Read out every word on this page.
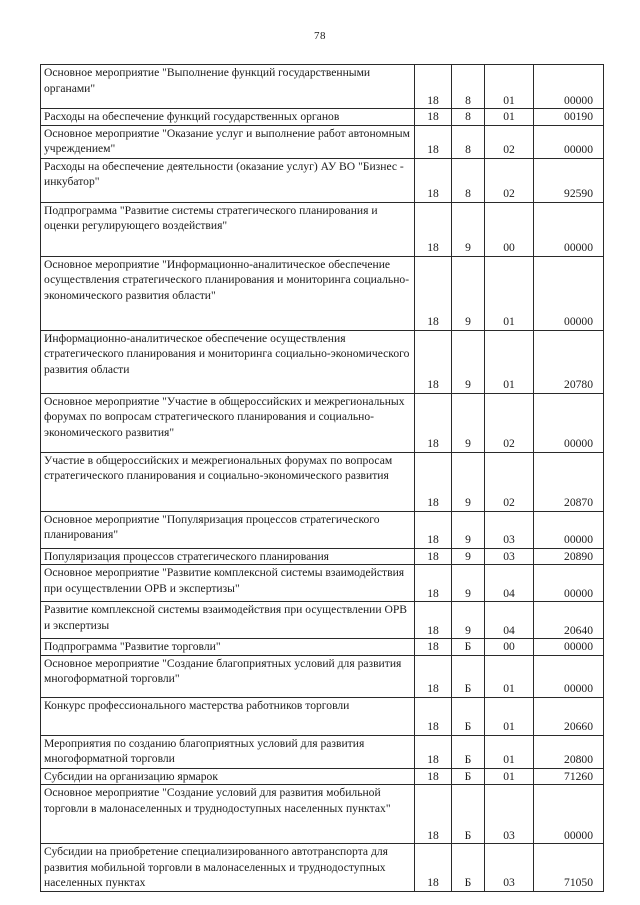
78
Основное мероприятие "Выполнение функций государственными органами"	18	8	01	00000
Расходы на обеспечение функций государственных органов	18	8	01	00190
Основное мероприятие "Оказание услуг и выполнение работ автономным учреждением"	18	8	02	00000
Расходы на обеспечение деятельности (оказание услуг) АУ ВО "Бизнес - инкубатор"	18	8	02	92590
Подпрограмма "Развитие системы стратегического планирования и оценки регулирующего воздействия"	18	9	00	00000
Основное мероприятие "Информационно-аналитическое обеспечение осуществления стратегического планирования и мониторинга социально-экономического развития области"	18	9	01	00000
Информационно-аналитическое обеспечение осуществления стратегического планирования и мониторинга социально-экономического развития области	18	9	01	20780
Основное мероприятие "Участие в общероссийских и межрегиональных форумах по вопросам стратегического планирования и социально-экономического развития"	18	9	02	00000
Участие в общероссийских и межрегиональных форумах по вопросам стратегического планирования и социально-экономического развития	18	9	02	20870
Основное мероприятие "Популяризация процессов стратегического планирования"	18	9	03	00000
Популяризация процессов стратегического планирования	18	9	03	20890
Основное мероприятие "Развитие комплексной системы взаимодействия при осуществлении ОРВ и экспертизы"	18	9	04	00000
Развитие комплексной системы взаимодействия при осуществлении ОРВ и экспертизы	18	9	04	20640
Подпрограмма "Развитие торговли"	18	Б	00	00000
Основное мероприятие "Создание благоприятных условий для развития многоформатной торговли"	18	Б	01	00000
Конкурс профессионального мастерства работников торговли	18	Б	01	20660
Мероприятия по созданию благоприятных условий для развития многоформатной торговли	18	Б	01	20800
Субсидии на организацию ярмарок	18	Б	01	71260
Основное мероприятие "Создание условий для развития мобильной торговли в малонаселенных и труднодоступных населенных пунктах"	18	Б	03	00000
Субсидии на приобретение специализированного автотранспорта для развития мобильной торговли в малонаселенных и труднодоступных населенных пунктах	18	Б	03	71050
